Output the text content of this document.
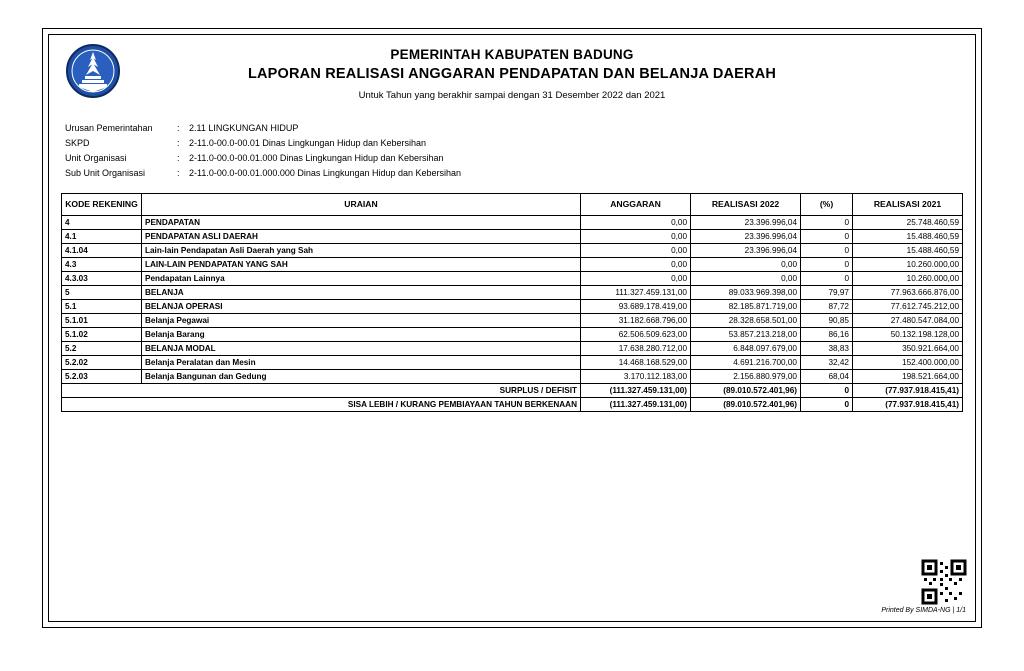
PEMERINTAH KABUPATEN BADUNG
LAPORAN REALISASI ANGGARAN PENDAPATAN DAN BELANJA DAERAH
Untuk Tahun yang berakhir sampai dengan 31 Desember 2022 dan 2021
Urusan Pemerintahan	:	2.11 LINGKUNGAN HIDUP
SKPD	:	2-11.0-00.0-00.01 Dinas Lingkungan Hidup dan Kebersihan
Unit Organisasi	:	2-11.0-00.0-00.01.000 Dinas Lingkungan Hidup dan Kebersihan
Sub Unit Organisasi	:	2-11.0-00.0-00.01.000.000 Dinas Lingkungan Hidup dan Kebersihan
KODE REKENING	URAIAN	ANGGARAN	REALISASI 2022	(%)	REALISASI 2021
4	PENDAPATAN	0,00	23.396.996,04	0	25.748.460,59
4.1	PENDAPATAN ASLI DAERAH	0,00	23.396.996,04	0	15.488.460,59
4.1.04	Lain-lain Pendapatan Asli Daerah yang Sah	0,00	23.396.996,04	0	15.488.460,59
4.3	LAIN-LAIN PENDAPATAN YANG SAH	0,00	0,00	0	10.260.000,00
4.3.03	Pendapatan Lainnya	0,00	0,00	0	10.260.000,00
5	BELANJA	111.327.459.131,00	89.033.969.398,00	79,97	77.963.666.876,00
5.1	BELANJA OPERASI	93.689.178.419,00	82.185.871.719,00	87,72	77.612.745.212,00
5.1.01	Belanja Pegawai	31.182.668.796,00	28.328.658.501,00	90,85	27.480.547.084,00
5.1.02	Belanja Barang	62.506.509.623,00	53.857.213.218,00	86,16	50.132.198.128,00
5.2	BELANJA MODAL	17.638.280.712,00	6.848.097.679,00	38,83	350.921.664,00
5.2.02	Belanja Peralatan dan Mesin	14.468.168.529,00	4.691.216.700,00	32,42	152.400.000,00
5.2.03	Belanja Bangunan dan Gedung	3.170.112.183,00	2.156.880.979,00	68,04	198.521.664,00
SURPLUS / DEFISIT		(111.327.459.131,00)	(89.010.572.401,96)	0	(77.937.918.415,41)
SISA LEBIH / KURANG PEMBIAYAAN TAHUN BERKENAAN		(111.327.459.131,00)	(89.010.572.401,96)	0	(77.937.918.415,41)
Printed By SIMDA-NG | 1/1
